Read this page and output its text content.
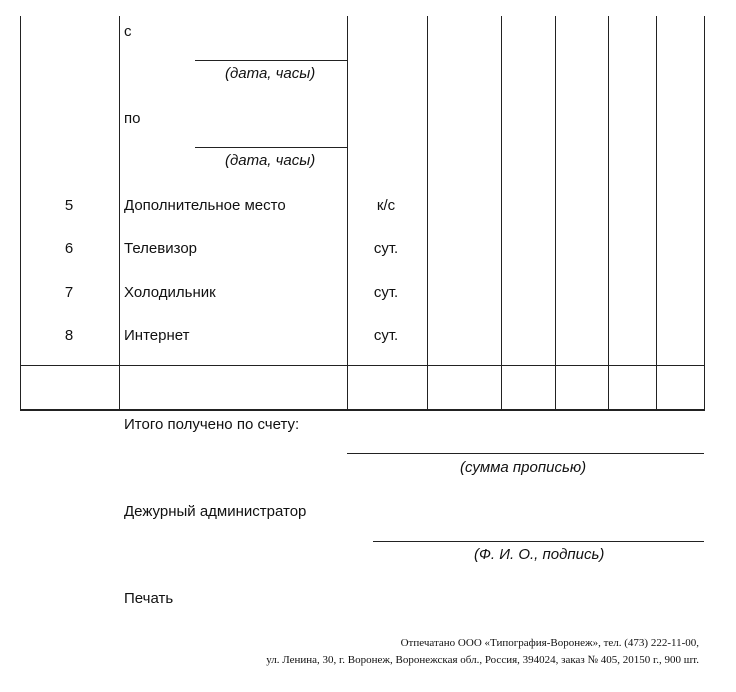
с
(дата, часы)
по
(дата, часы)
5	Дополнительное место	к/с
6	Телевизор	сут.
7	Холодильник	сут.
8	Интернет	сут.
Итого получено по счету:
(сумма прописью)
Дежурный администратор
(Ф. И. О., подпись)
Печать
Отпечатано ООО «Типография-Воронеж», тел. (473) 222-11-00,
ул. Ленина, 30, г. Воронеж, Воронежская обл., Россия, 394024, заказ № 405, 20150 г., 900 шт.
